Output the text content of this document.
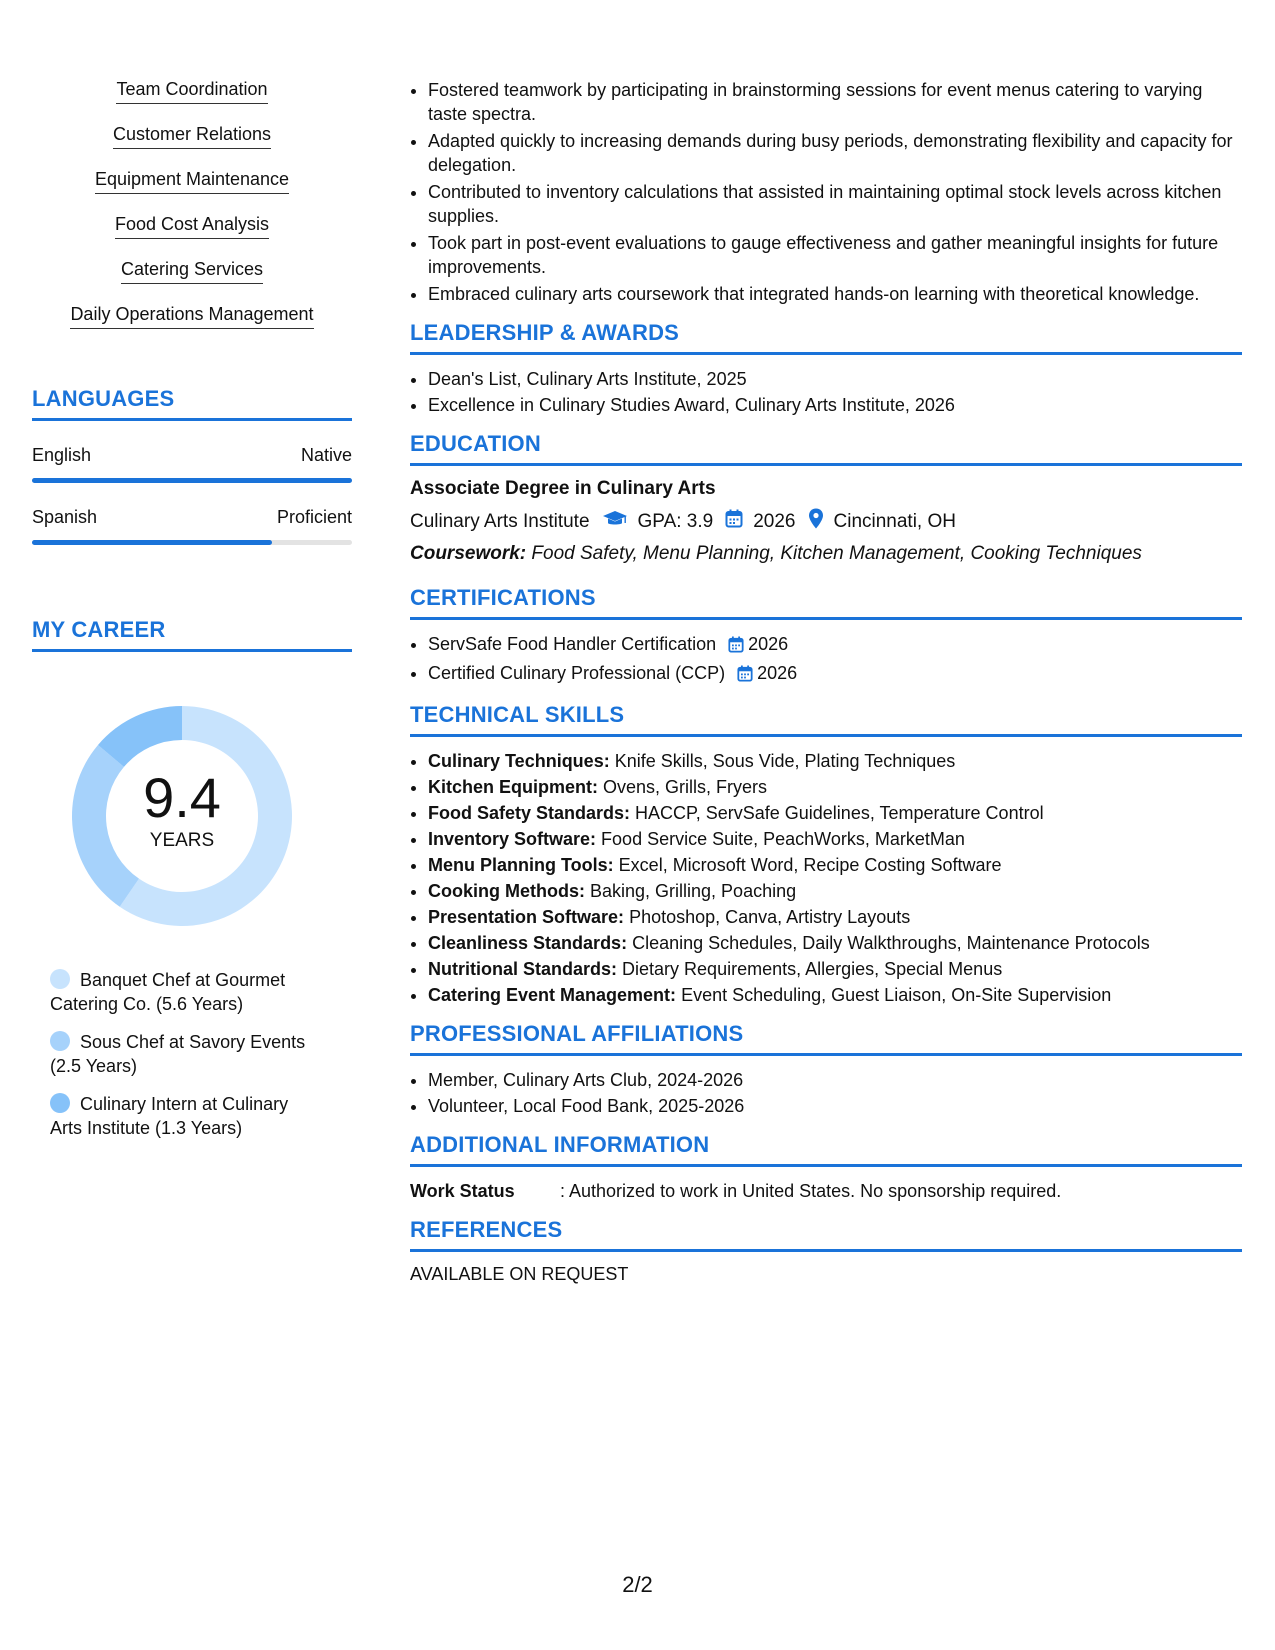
Team Coordination
Customer Relations
Equipment Maintenance
Food Cost Analysis
Catering Services
Daily Operations Management
LANGUAGES
English	Native
Spanish	Proficient
MY CAREER
9.4
YEARS
Banquet Chef at Gourmet Catering Co. (5.6 Years)
Sous Chef at Savory Events (2.5 Years)
Culinary Intern at Culinary Arts Institute (1.3 Years)
• Fostered teamwork by participating in brainstorming sessions for event menus catering to varying taste spectra.
• Adapted quickly to increasing demands during busy periods, demonstrating flexibility and capacity for delegation.
• Contributed to inventory calculations that assisted in maintaining optimal stock levels across kitchen supplies.
• Took part in post-event evaluations to gauge effectiveness and gather meaningful insights for future improvements.
• Embraced culinary arts coursework that integrated hands-on learning with theoretical knowledge.
LEADERSHIP & AWARDS
• Dean's List, Culinary Arts Institute, 2025
• Excellence in Culinary Studies Award, Culinary Arts Institute, 2026
EDUCATION
Associate Degree in Culinary Arts
Culinary Arts Institute	GPA: 3.9 2026 Cincinnati, OH
Coursework: Food Safety, Menu Planning, Kitchen Management, Cooking Techniques
CERTIFICATIONS
• ServSafe Food Handler Certification 2026
• Certified Culinary Professional (CCP) 2026
TECHNICAL SKILLS
• Culinary Techniques: Knife Skills, Sous Vide, Plating Techniques
• Kitchen Equipment: Ovens, Grills, Fryers
• Food Safety Standards: HACCP, ServSafe Guidelines, Temperature Control
• Inventory Software: Food Service Suite, PeachWorks, MarketMan
• Menu Planning Tools: Excel, Microsoft Word, Recipe Costing Software
• Cooking Methods: Baking, Grilling, Poaching
• Presentation Software: Photoshop, Canva, Artistry Layouts
• Cleanliness Standards: Cleaning Schedules, Daily Walkthroughs, Maintenance Protocols
• Nutritional Standards: Dietary Requirements, Allergies, Special Menus
• Catering Event Management: Event Scheduling, Guest Liaison, On-Site Supervision
PROFESSIONAL AFFILIATIONS
• Member, Culinary Arts Club, 2024-2026
• Volunteer, Local Food Bank, 2025-2026
ADDITIONAL INFORMATION
Work Status	: Authorized to work in United States. No sponsorship required.
REFERENCES
AVAILABLE ON REQUEST
2/2
